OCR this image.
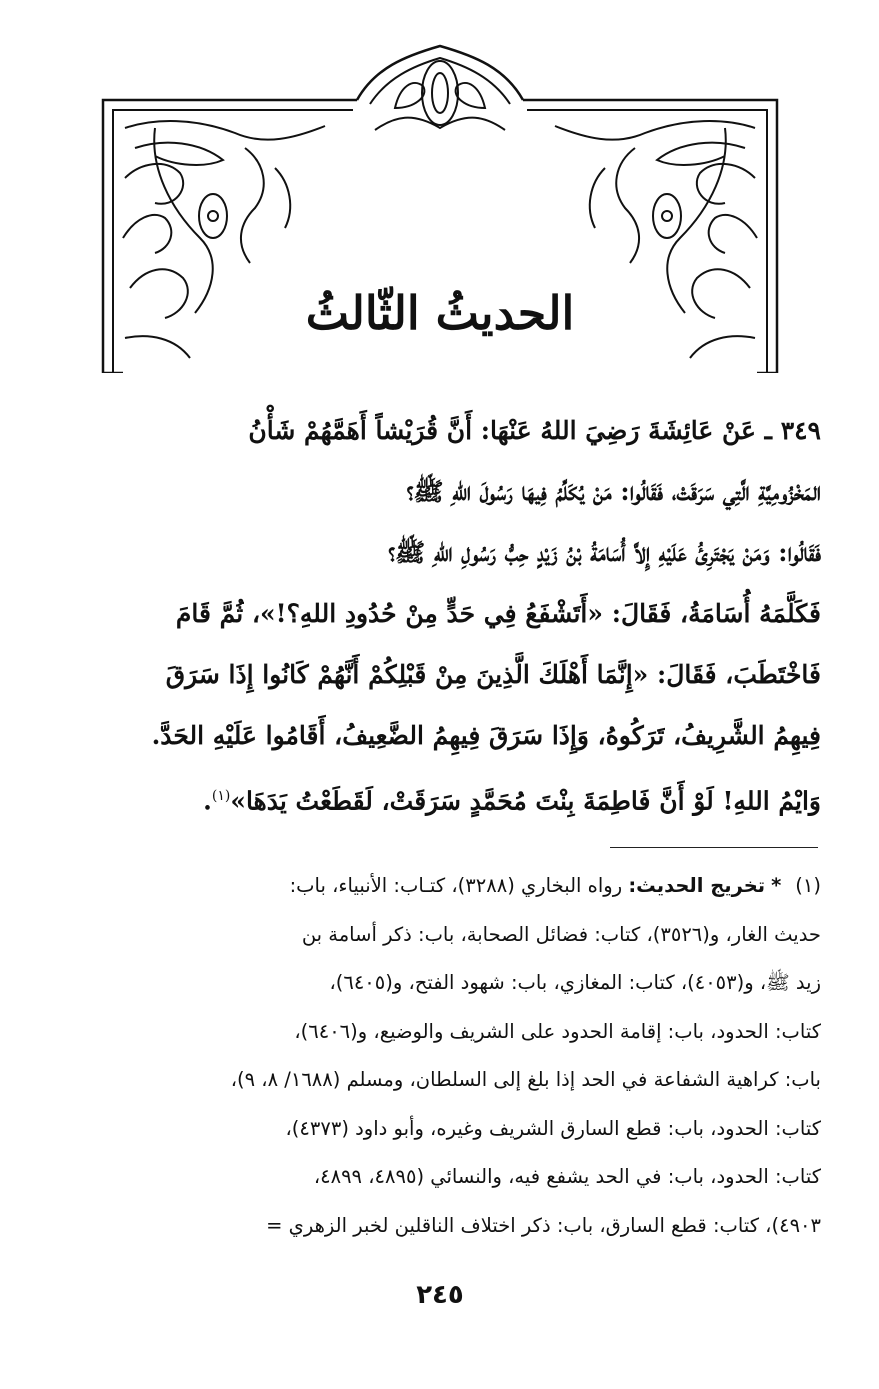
الحديثُ الثّالثُ

٣٤٩ ـ عَنْ عَائِشَةَ رَضِيَ اللهُ عَنْهَا: أَنَّ قُرَيْشاً أَهَمَّهُمْ شَأْنُ
المَخْزُومِيَّةِ الَّتِي سَرَقَتْ، فَقَالُوا: مَنْ يُكَلِّمُ فِيهَا رَسُولَ اللهِ ﷺ؟
فَقَالُوا: وَمَنْ يَجْتَرِئُ عَلَيْهِ إِلاَّ أُسَامَةُ بْنُ زَيْدٍ حِبُّ رَسُولِ اللهِ ﷺ؟
فَكَلَّمَهُ أُسَامَةُ، فَقَالَ: «أَتَشْفَعُ فِي حَدٍّ مِنْ حُدُودِ اللهِ؟!»، ثُمَّ قَامَ
فَاخْتَطَبَ، فَقَالَ: «إِنَّمَا أَهْلَكَ الَّذِينَ مِنْ قَبْلِكُمْ أَنَّهُمْ كَانُوا إِذَا سَرَقَ
فِيهِمُ الشَّرِيفُ، تَرَكُوهُ، وَإِذَا سَرَقَ فِيهِمُ الضَّعِيفُ، أَقَامُوا عَلَيْهِ الحَدَّ.
وَايْمُ اللهِ! لَوْ أَنَّ فَاطِمَةَ بِنْتَ مُحَمَّدٍ سَرَقَتْ، لَقَطَعْتُ يَدَهَا»$^{(١)}$.

(١)*تخريج الحديث: رواه البخاري (٣٢٨٨)، كتـاب: الأنبياء، باب:
حديث الغار، و(٣٥٢٦)، كتاب: فضائل الصحابة، باب: ذكر أسامة بن
زيد ﷺ، و(٤٠٥٣)، كتاب: المغازي، باب: شهود الفتح، و(٦٤٠٥)،
كتاب: الحدود، باب: إقامة الحدود على الشريف والوضيع، و(٦٤٠٦)،
باب: كراهية الشفاعة في الحد إذا بلغ إلى السلطان، ومسلم (١٦٨٨/ ٨، ٩)،
كتاب: الحدود، باب: قطع السارق الشريف وغيره، وأبو داود (٤٣٧٣)،
كتاب: الحدود، باب: في الحد يشفع فيه، والنسائي (٤٨٩٥، ٤٨٩٩،
٤٩٠٣)، كتاب: قطع السارق، باب: ذكر اختلاف الناقلين لخبر الزهري =
٢٤٥
